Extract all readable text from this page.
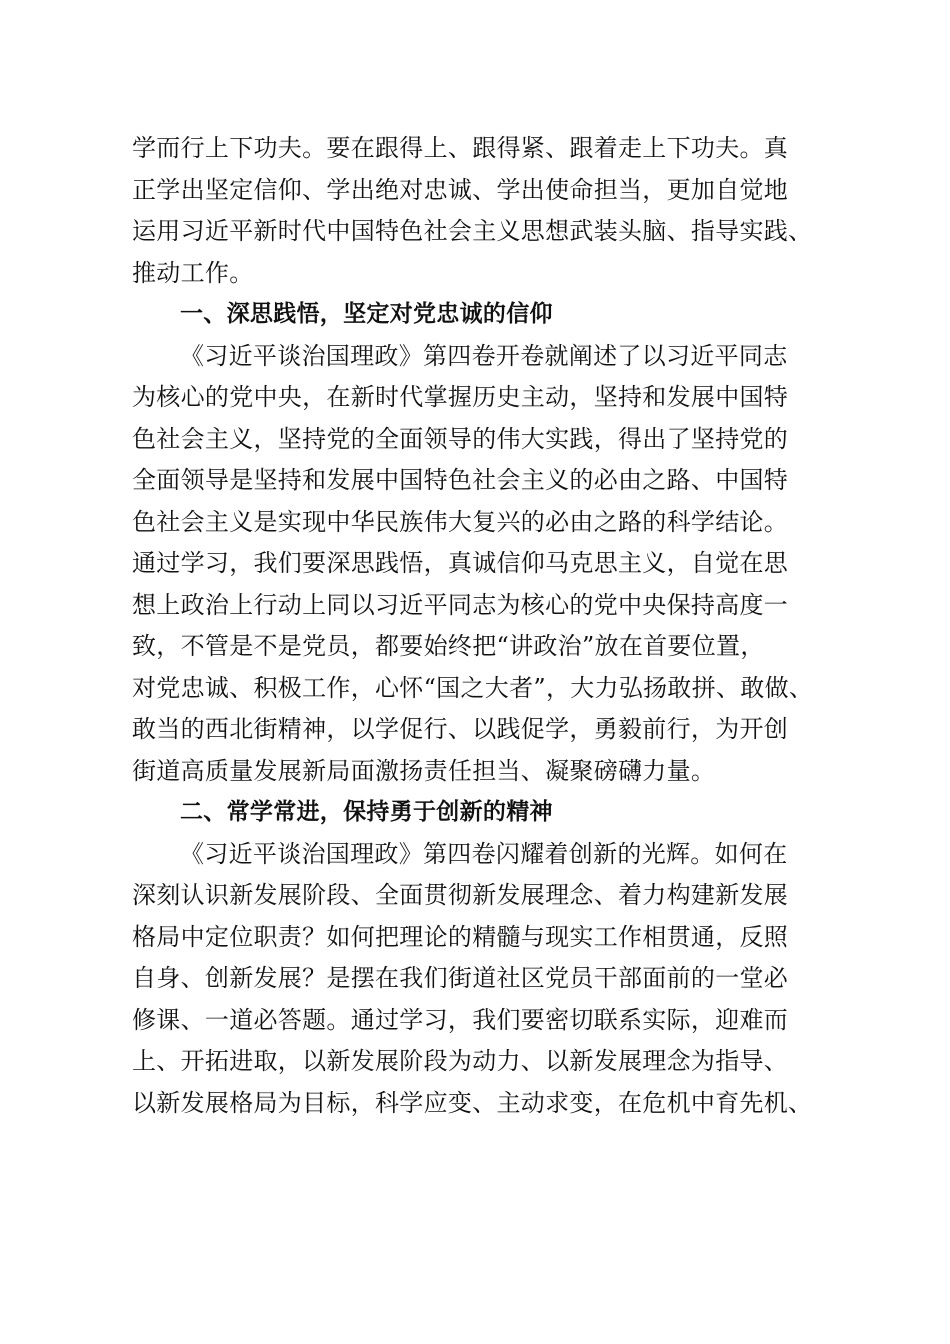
学而行上下功夫。要在跟得上、跟得紧、跟着走上下功夫。真
正学出坚定信仰、学出绝对忠诚、学出使命担当，更加自觉地
运用习近平新时代中国特色社会主义思想武装头脑、指导实践、
推动工作。
一、深思践悟，坚定对党忠诚的信仰
《习近平谈治国理政》第四卷开卷就阐述了以习近平同志
为核心的党中央，在新时代掌握历史主动，坚持和发展中国特
色社会主义，坚持党的全面领导的伟大实践，得出了坚持党的
全面领导是坚持和发展中国特色社会主义的必由之路、中国特
色社会主义是实现中华民族伟大复兴的必由之路的科学结论。
通过学习，我们要深思践悟，真诚信仰马克思主义，自觉在思
想上政治上行动上同以习近平同志为核心的党中央保持高度一
致，不管是不是党员，都要始终把“讲政治”放在首要位置，
对党忠诚、积极工作，心怀“国之大者”，大力弘扬敢拼、敢做、
敢当的西北街精神，以学促行、以践促学，勇毅前行，为开创
街道高质量发展新局面激扬责任担当、凝聚磅礴力量。
二、常学常进，保持勇于创新的精神
《习近平谈治国理政》第四卷闪耀着创新的光辉。如何在
深刻认识新发展阶段、全面贯彻新发展理念、着力构建新发展
格局中定位职责？如何把理论的精髓与现实工作相贯通，反照
自身、创新发展？是摆在我们街道社区党员干部面前的一堂必
修课、一道必答题。通过学习，我们要密切联系实际，迎难而
上、开拓进取，以新发展阶段为动力、以新发展理念为指导、
以新发展格局为目标，科学应变、主动求变，在危机中育先机、
